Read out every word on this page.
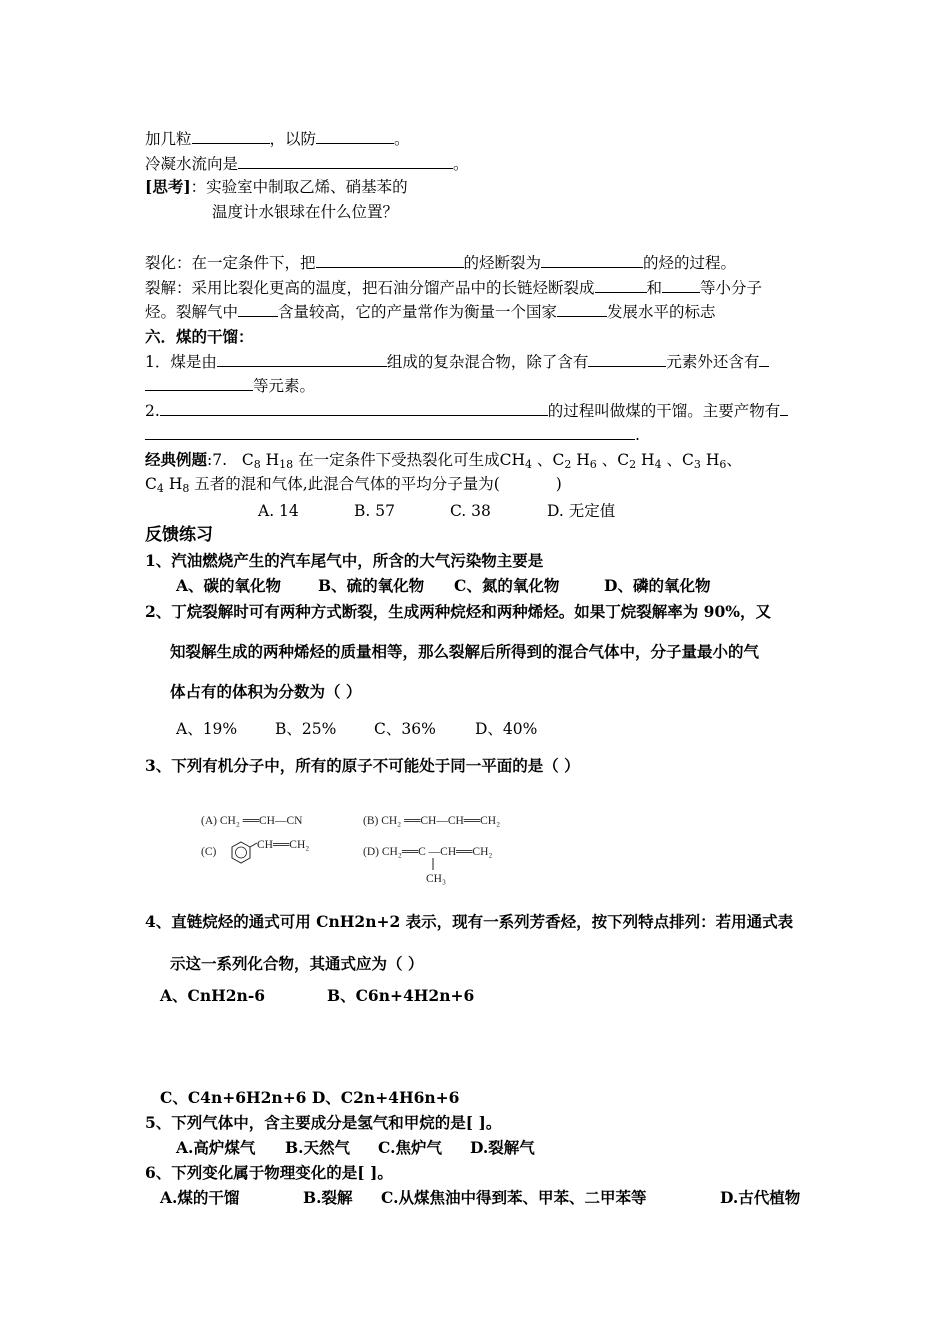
加几粒	，以防	。
冷凝水流向是	。
[思考]：实验室中制取乙烯、硝基苯的
温度计水银球在什么位置？
裂化：在一定条件下，把	的烃断裂为	的烃的过程。
裂解：采用比裂化更高的温度，把石油分馏产品中的长链烃断裂成	和 等小分子
烃。裂解气中	含量较高，它的产量常作为衡量一个国家	发展水平的标志
六．煤的干馏：
1．煤是由	组成的复杂混合物，除了含有	元素外还含有
等元素。
2.	的过程叫做煤的干馏。主要产物有
.
经典例题:7. $C_8$ $H_{18}$ 在一定条件下受热裂化可生成$CH_4$ 、$C_2$ $H_6$ 、$C_2$ $H_4$ 、$C_3$ $H_6$、
$C_4$ $H_8$ 五者的混和气体,此混合气体的平均分子量为(	)
A. 14	B. 57	C. 38	D. 无定值
反馈练习
1、汽油燃烧产生的汽车尾气中，所含的大气污染物主要是
A、碳的氧化物 B、硫的氧化物 C、氮的氧化物	D、磷的氧化物
2、丁烷裂解时可有两种方式断裂，生成两种烷烃和两种烯烃。如果丁烷裂解率为 90%，又
知裂解生成的两种烯烃的质量相等，那么裂解后所得到的混合气体中，分子量最小的气
体占有的体积为分数为（ ）
A、19% B、25% C、36%	D、40%
3、下列有机分子中，所有的原子不可能处于同一平面的是（ ）
(A) CH₂ ══CH—CN	(B) CH₂ ══CH—CH══CH₂
(C)
CH══CH₂
(D) CH₂══C —CH══CH₂
CH₃
4、直链烷烃的通式可用 CnH2n+2 表示，现有一系列芳香烃，按下列特点排列：若用通式表
示这一系列化合物，其通式应为（ ）
A、CnH2n-6	B、C6n+4H2n+6
C、C4n+6H2n+6 D、C2n+4H6n+6
5、下列气体中，含主要成分是氢气和甲烷的是[ ]。
A.高炉煤气 B.天然气 C.焦炉气 D.裂解气
6、下列变化属于物理变化的是[ ]。
A.煤的干馏	B.裂解 C.从煤焦油中得到苯、甲苯、二甲苯等	D.古代植物
